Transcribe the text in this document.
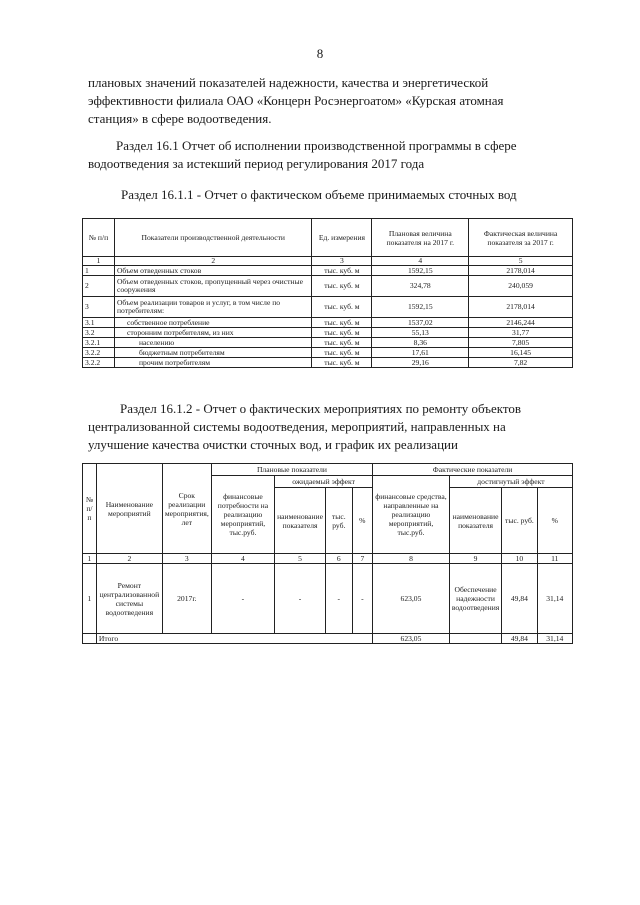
8
плановых значений показателей надежности, качества и энергетической
эффективности филиала ОАО «Концерн Росэнергоатом» «Курская атомная
станция» в сфере водоотведения.
Раздел 16.1 Отчет об исполнении производственной программы в сфере
водоотведения за истекший период регулирования 2017 года
Раздел 16.1.1 - Отчет о фактическом объеме принимаемых сточных вод
№ п/п	Показатели производственной деятельности	Ед. измерения	Плановая величина показателя на 2017 г.	Фактическая величина показателя за 2017 г.
1	2	3	4	5
1	Объем отведенных стоков	тыс. куб. м	1592,15	2178,014
2	Объем отведенных стоков, пропущенный через очистные сооружения	тыс. куб. м	324,78	240,059
3	Объем реализации товаров и услуг, в том числе по потребителям:	тыс. куб. м	1592,15	2178,014
3.1	собственное потребление	тыс. куб. м	1537,02	2146,244
3.2	сторонним потребителям, из них	тыс. куб. м	55,13	31,77
3.2.1	населению	тыс. куб. м	8,36	7,805
3.2.2	бюджетным потребителям	тыс. куб. м	17,61	16,145
3.2.2	прочим потребителям	тыс. куб. м	29,16	7,82
Раздел 16.1.2 - Отчет о фактических мероприятиях по ремонту объектов
централизованной системы водоотведения, мероприятий, направленных на
улучшение качества очистки сточных вод, и график их реализации
№ п/п	Наименование мероприятий	Срок реализации мероприятия, лет	Плановые показатели				Фактические показатели			
			финансовые потребности на реализацию мероприятий, тыс.руб.	ожидаемый эффект			финансовые средства, направленные на реализацию мероприятий, тыс.руб.	достигнутый эффект		
				наименование показателя	тыс. руб.	%		наименование показателя	тыс. руб.	%
1	2	3	4	5	6	7	8	9	10	11
1	Ремонт централизованной системы водоотведения	2017г.	-	-	-	-	623,05	Обеспечение надежности водоотведения	49,84	31,14
	Итого						623,05		49,84	31,14
